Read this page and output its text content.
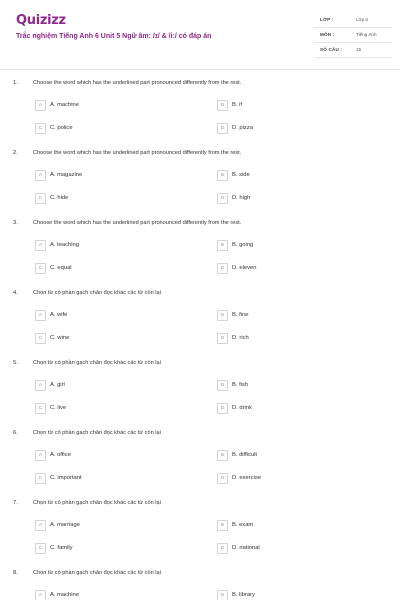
Quizizz
Trắc nghiệm Tiếng Anh 6 Unit 5 Ngữ âm: /ɪ/ & /iː/ có đáp án
LỚP :	Lớp 6
MÔN :	Tiếng Anh
SỐ CÂU :	15
1.	Choose the word which has the underlined part pronounced differently from the rest.
A	A. machine	B	B. if
C	C. police	D	D. pizza
2.	Choose the word which has the underlined part pronounced differently from the rest.
A	A. magazine	B	B. side
C	C. hide	D	D. high
3.	Choose the word which has the underlined part pronounced differently from the rest.
A	A. teaching	B	B. going
C	C. equal	D	D. eleven
4.	Chọn từ có phần gạch chân đọc khác các từ còn lại
A	A. wife	B	B. fine
C	C. wine	D	D. rich
5.	Chọn từ có phần gạch chân đọc khác các từ còn lại
A	A. girl	B	B. fish
C	C. live	D	D. drink
6.	Chọn từ có phần gạch chân đọc khác các từ còn lại
A	A. office	B	B. difficult
C	C. important	D	D. exercise
7.	Chọn từ có phần gạch chân đọc khác các từ còn lại
A	A. marriage	B	B. exam
C	C. family	D	D. national
8.	Chọn từ có phần gạch chân đọc khác các từ còn lại
A	A. machine	B	B. library
